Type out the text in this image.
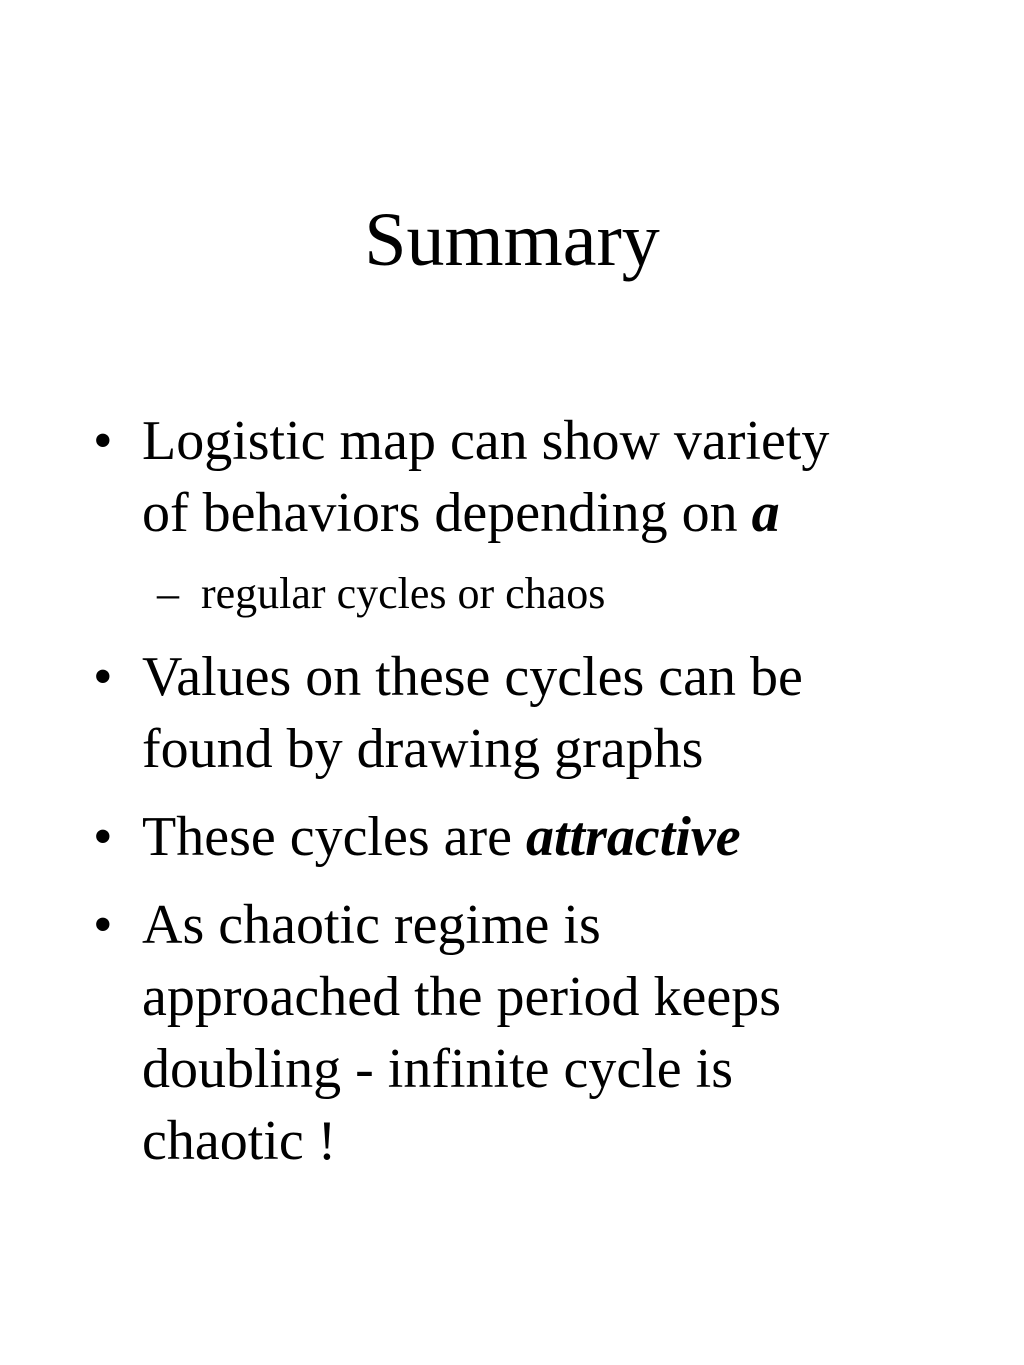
Summary
• Logistic map can show variety
of behaviors depending on a
– regular cycles or chaos
• Values on these cycles can be
found by drawing graphs
• These cycles are attractive
• As chaotic regime is
approached the period keeps
doubling - infinite cycle is
chaotic !
